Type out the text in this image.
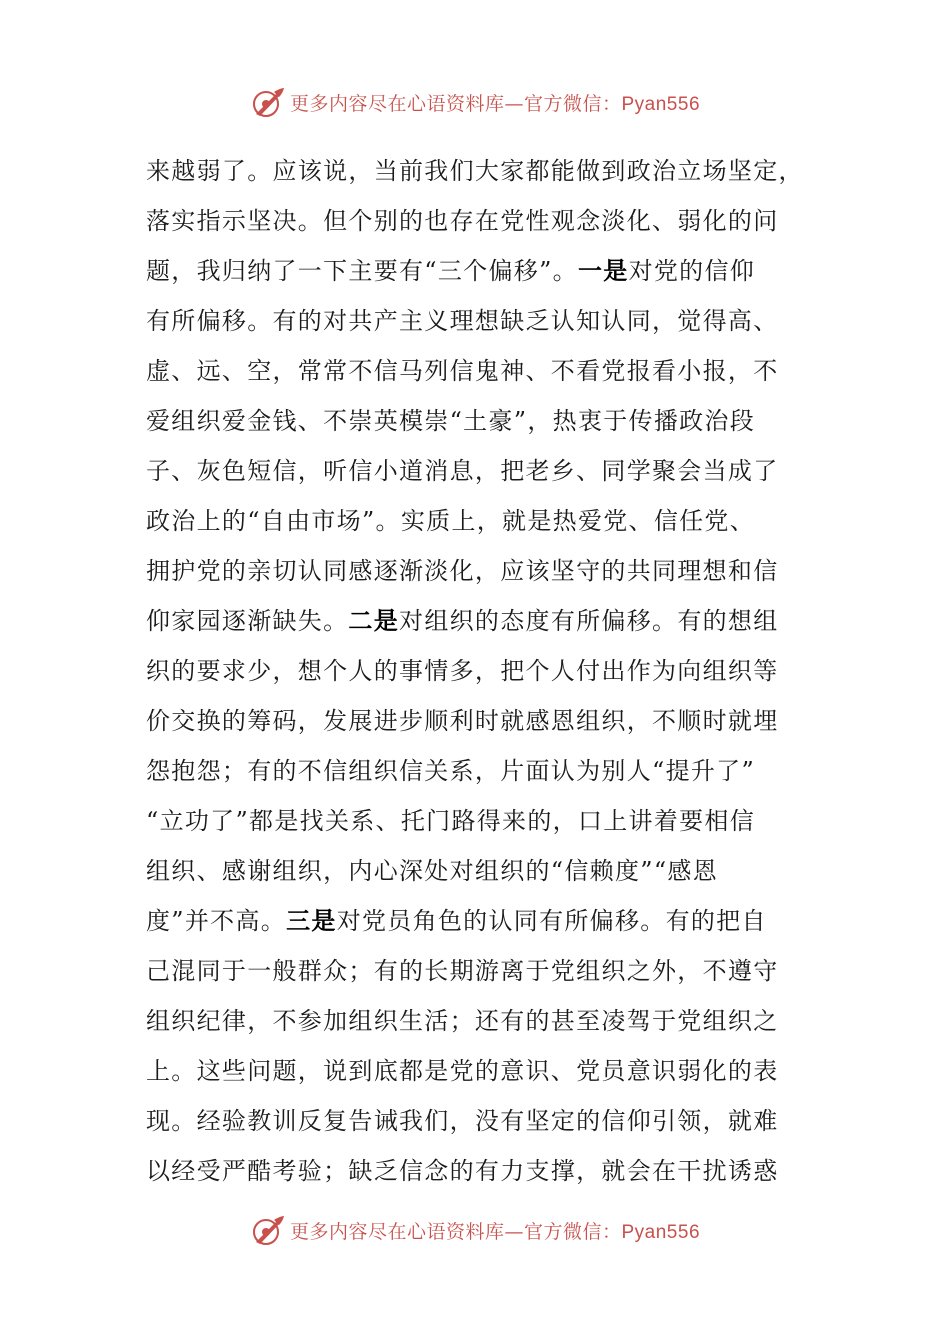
更多内容尽在心语资料库—官方微信：Pyan556
来越弱了。应该说，当前我们大家都能做到政治立场坚定，
落实指示坚决。但个别的也存在党性观念淡化、弱化的问
题，我归纳了一下主要有“三个偏移”。一是对党的信仰
有所偏移。有的对共产主义理想缺乏认知认同，觉得高、
虚、远、空，常常不信马列信鬼神、不看党报看小报，不
爱组织爱金钱、不崇英模崇“土豪”，热衷于传播政治段
子、灰色短信，听信小道消息，把老乡、同学聚会当成了
政治上的“自由市场”。实质上，就是热爱党、信任党、
拥护党的亲切认同感逐渐淡化，应该坚守的共同理想和信
仰家园逐渐缺失。二是对组织的态度有所偏移。有的想组
织的要求少，想个人的事情多，把个人付出作为向组织等
价交换的筹码，发展进步顺利时就感恩组织，不顺时就埋
怨抱怨；有的不信组织信关系，片面认为别人“提升了”
“立功了”都是找关系、托门路得来的，口上讲着要相信
组织、感谢组织，内心深处对组织的“信赖度”“感恩
度”并不高。三是对党员角色的认同有所偏移。有的把自
己混同于一般群众；有的长期游离于党组织之外，不遵守
组织纪律，不参加组织生活；还有的甚至凌驾于党组织之
上。这些问题，说到底都是党的意识、党员意识弱化的表
现。经验教训反复告诫我们，没有坚定的信仰引领，就难
以经受严酷考验；缺乏信念的有力支撑，就会在干扰诱惑
更多内容尽在心语资料库—官方微信：Pyan556
